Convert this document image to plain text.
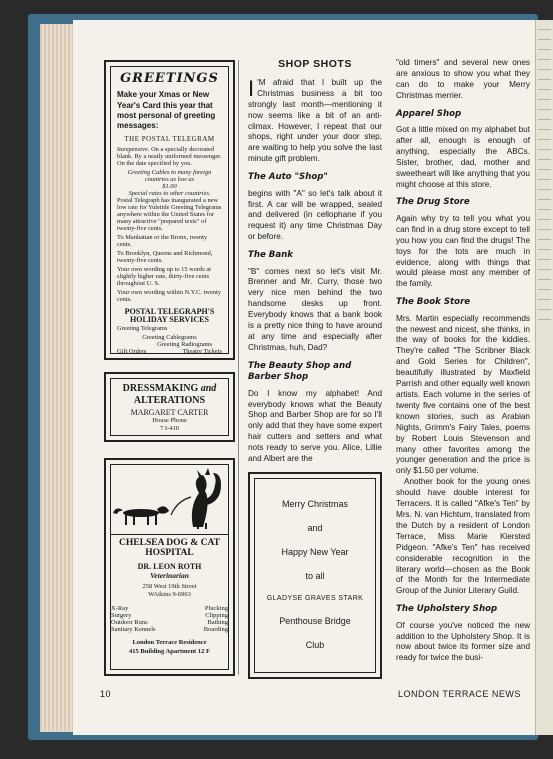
GREETINGS
Make your Xmas or New Year's Card this year that most personal of greeting messages:
THE POSTAL TELEGRAM
Inexpensive. On a specially decorated blank. By a neatly uniformed messenger. On the date specified by you.
Greeting Cables to many foreign countries as low as
$1.00
Special rates to other countries.
Postal Telegraph has inaugurated a new low rate for Yuletide Greeting Telegrams anywhere within the United States for many attractive "prepared texts" of twenty-five cents.
To Manhattan or the Bronx, twenty cents.
To Brooklyn, Queens and Richmond, twenty-five cents.
Your own wording up to 15 words at slightly higher rate, thirty-five cents throughout U. S.
Your own wording within N.Y.C. twenty cents.
POSTAL TELEGRAPH'S
HOLIDAY SERVICES
Greeting Telegrams
Greeting Cablegrams
Greeting Radiograms
Gift Orders	Theatre Tickets
DRESSMAKING and
ALTERATIONS
MARGARET CARTER
House Phone
7 I-410
CHELSEA DOG & CAT HOSPITAL
DR. LEON ROTH
Veterinarian
258 West 19th Street
WAtkins 9-6963
X-Ray	Plucking
Surgery	Clipping
Outdoor Runs	Bathing
Sanitary Kennels	Boarding
London Terrace Residence
415 Building Apartment 12 F
SHOP SHOTS

I 'M afraid that I built up the Christmas business a bit too strongly last month—mentioning it now seems like a bit of an anti-climax. However, I repeat that our shops, right under your door step, are waiting to help you solve the last minute gift problem.

The Auto "Shop"

begins with "A" so let's talk about it first. A car will be wrapped, sealed and delivered (in cellophane if you request it) any time Christmas Day or before.

The Bank

"B" comes next so let's visit Mr. Brenner and Mr. Curry, those two very nice men behind the two handsome desks up front. Everybody knows that a bank book is a pretty nice thing to have around at any time and especially after Christmas, huh, Dad?

The Beauty Shop and Barber Shop

Do I know my alphabet! And everybody knows what the Beauty Shop and Barber Shop are for so I'll only add that they have some expert hair cutters and setters and what nots ready to serve you. Alice, Lillie and Albert are the

Merry Christmas
and
Happy New Year
to all
GLADYSE GRAVES STARK
Penthouse Bridge
Club

"old timers" and several new ones are anxious to show you what they can do to make your Merry Christmas merrier.

Apparel Shop

Got a little mixed on my alphabet but after all, enough is enough of anything, especially the ABCs. Sister, brother, dad, mother and sweetheart will like anything that you might choose at this store.

The Drug Store

Again why try to tell you what you can find in a drug store except to tell you how you can find the drugs! The toys for the tots are much in evidence, along with things that would please most any member of the family.

The Book Store

Mrs. Martin especially recommends the newest and nicest, she thinks, in the way of books for the kiddies. They're called "The Scribner Black and Gold Series for Children", beautifully illustrated by Maxfield Parrish and other equally well known artists. Each volume in the series of twenty five contains one of the best known stories, such as Arabian Nights, Grimm's Fairy Tales, poems by Robert Louis Stevenson and many other favorites among the younger generation and the price is only $1.50 per volume.

Another book for the young ones should have double interest for Terracers. It is called "Afke's Ten" by Mrs. N. van Hichtum, translated from the Dutch by a resident of London Terrace, Miss Marie Kiersted Pidgeon. "Afke's Ten" has received considerable recognition in the literary world—chosen as the Book of the Month for the Intermediate Group of the Junior Literary Guild.

The Upholstery Shop

Of course you've noticed the new addition to the Upholstery Shop. It is now about twice its former size and ready for twice the busi-

10	LONDON TERRACE NEWS
